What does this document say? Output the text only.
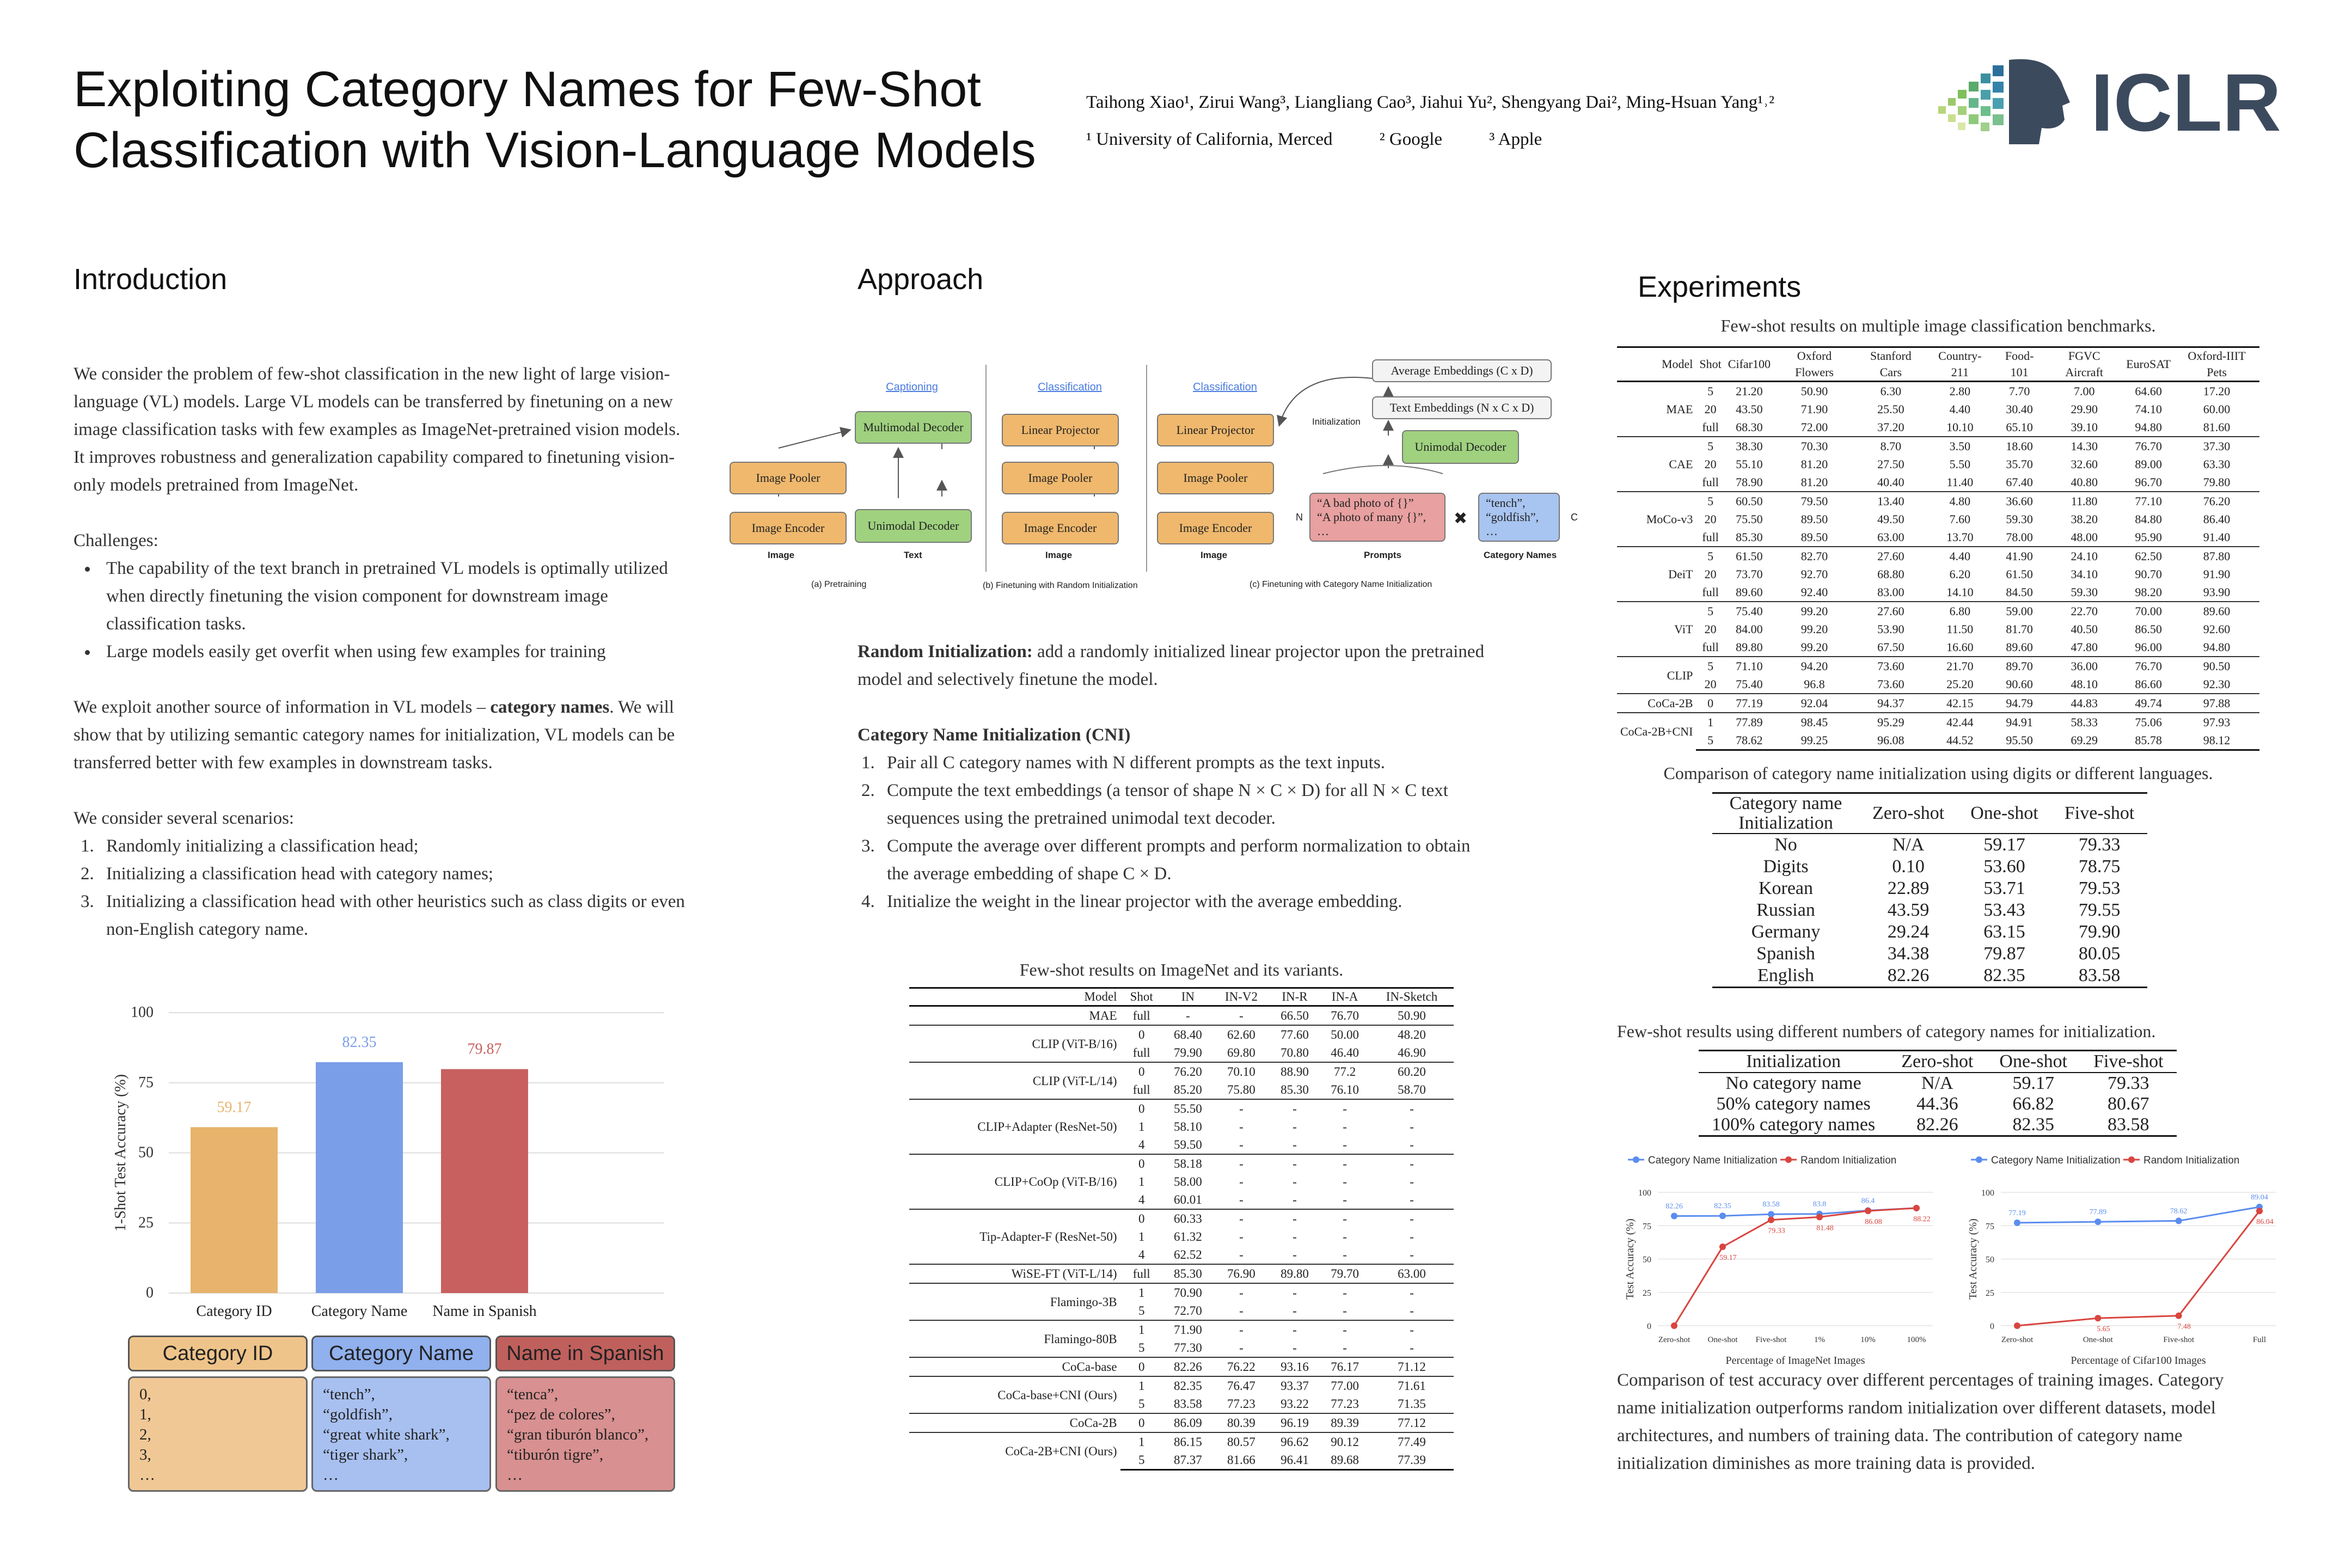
Exploiting Category Names for Few-Shot
Classification with Vision-Language Models
Taihong Xiao¹, Zirui Wang³, Liangliang Cao³, Jiahui Yu², Shengyang Dai², Ming-Hsuan Yang¹˒²
¹ University of California, Merced	² Google	³ Apple	ICLR
Introduction

We consider the problem of few-shot classification in the new light of large vision-language (VL) models. Large VL models can be transferred by finetuning on a new image classification tasks with few examples as ImageNet-pretrained vision models. It improves robustness and generalization capability compared to finetuning vision-only models pretrained from ImageNet.

Challenges:
• The capability of the text branch in pretrained VL models is optimally utilized when directly finetuning the vision component for downstream image classification tasks.
• Large models easily get overfit when using few examples for training

We exploit another source of information in VL models – category names. We will show that by utilizing semantic category names for initialization, VL models can be transferred better with few examples in downstream tasks.

We consider several scenarios:
1. Randomly initializing a classification head;
2. Initializing a classification head with category names;
3. Initializing a classification head with other heuristics such as class digits or even non-English category name.
0
25
50
75
100
1-Shot Test Accuracy (%)	59.17
Category ID
82.35
Category Name
79.87
Name in Spanish
Category ID
0,
1,
2,
3,
…
Category Name
“tench”,
“goldfish”,
“great white shark”,
“tiger shark”,
…
Name in Spanish
“tenca”,
“pez de colores”,
“gran tiburón blanco”,
“tiburón tigre”,
…
Approach
Captioning	Classification	Classification
Multimodal Decoder
Image Pooler
Image Encoder	Unimodal Decoder
Image	Text
Linear Projector
Image Pooler
Image Encoder
Image
Linear Projector
Image Pooler
Image Encoder
Image
Initialization
Average Embeddings (C x D)
Text Embeddings (N x C x D)
Unimodal Decoder
N
“A bad photo of {}”
“A photo of many {}”,
…
✖
“tench”,
“goldfish”,
…
C
Prompts	Category Names
(a) Pretraining	(b) Finetuning with Random Initialization	(c) Finetuning with Category Name Initialization

Random Initialization: add a randomly initialized linear projector upon the pretrained model and selectively finetune the model.

Category Name Initialization (CNI)
1. Pair all C category names with N different prompts as the text inputs.
2. Compute the text embeddings (a tensor of shape N × C × D) for all N × C text sequences using the pretrained unimodal text decoder.
3. Compute the average over different prompts and perform normalization to obtain the average embedding of shape C × D.
4. Initialize the weight in the linear projector with the average embedding.
Few-shot results on ImageNet and its variants.
Model	Shot	IN	IN-V2	IN-R	IN-A	IN-Sketch
MAE	full	-	-	66.50	76.70	50.90
CLIP (ViT-B/16)	0	68.40	62.60	77.60	50.00	48.20
	full	79.90	69.80	70.80	46.40	46.90
CLIP (ViT-L/14)	0	76.20	70.10	88.90	77.2	60.20
	full	85.20	75.80	85.30	76.10	58.70
CLIP+Adapter (ResNet-50)	0	55.50	-	-	-	-
	1	58.10	-	-	-	-
	4	59.50	-	-	-	-
CLIP+CoOp (ViT-B/16)	0	58.18	-	-	-	-
	1	58.00	-	-	-	-
	4	60.01	-	-	-	-
Tip-Adapter-F (ResNet-50)	0	60.33	-	-	-	-
	1	61.32	-	-	-	-
	4	62.52	-	-	-	-
WiSE-FT (ViT-L/14)	full	85.30	76.90	89.80	79.70	63.00
Flamingo-3B	1	70.90	-	-	-	-
	5	72.70	-	-	-	-
Flamingo-80B	1	71.90	-	-	-	-
	5	77.30	-	-	-	-
CoCa-base	0	82.26	76.22	93.16	76.17	71.12
CoCa-base+CNI (Ours)	1	82.35	76.47	93.37	77.00	71.61
	5	83.58	77.23	93.22	77.23	71.35
CoCa-2B	0	86.09	80.39	96.19	89.39	77.12
CoCa-2B+CNI (Ours)	1	86.15	80.57	96.62	90.12	77.49
	5	87.37	81.66	96.41	89.68	77.39
Experiments
Few-shot results on multiple image classification benchmarks.
Model	Shot	Cifar100	Oxford Flowers	Stanford Cars	Country-211	Food-101	FGVC Aircraft	EuroSAT	Oxford-IIIT Pets
MAE	5	21.20	50.90	6.30	2.80	7.70	7.00	64.60	17.20
	20	43.50	71.90	25.50	4.40	30.40	29.90	74.10	60.00
	full	68.30	72.00	37.20	10.10	65.10	39.10	94.80	81.60
CAE	5	38.30	70.30	8.70	3.50	18.60	14.30	76.70	37.30
	20	55.10	81.20	27.50	5.50	35.70	32.60	89.00	63.30
	full	78.90	81.20	40.40	11.40	67.40	40.80	96.70	79.80
MoCo-v3	5	60.50	79.50	13.40	4.80	36.60	11.80	77.10	76.20
	20	75.50	89.50	49.50	7.60	59.30	38.20	84.80	86.40
	full	85.30	89.50	63.00	13.70	78.00	48.00	95.90	91.40
DeiT	5	61.50	82.70	27.60	4.40	41.90	24.10	62.50	87.80
	20	73.70	92.70	68.80	6.20	61.50	34.10	90.70	91.90
	full	89.60	92.40	83.00	14.10	84.50	59.30	98.20	93.90
ViT	5	75.40	99.20	27.60	6.80	59.00	22.70	70.00	89.60
	20	84.00	99.20	53.90	11.50	81.70	40.50	86.50	92.60
	full	89.80	99.20	67.50	16.60	89.60	47.80	96.00	94.80
CLIP	5	71.10	94.20	73.60	21.70	89.70	36.00	76.70	90.50
	20	75.40	96.8	73.60	25.20	90.60	48.10	86.60	92.30
CoCa-2B	0	77.19	92.04	94.37	42.15	94.79	44.83	49.74	97.88
CoCa-2B+CNI	1	77.89	98.45	95.29	42.44	94.91	58.33	75.06	97.93
	5	78.62	99.25	96.08	44.52	95.50	69.29	85.78	98.12
Comparison of category name initialization using digits or different languages.
Category name Initialization	Zero-shot	One-shot	Five-shot
No	N/A	59.17	79.33
Digits	0.10	53.60	78.75
Korean	22.89	53.71	79.53
Russian	43.59	53.43	79.55
Germany	29.24	63.15	79.90
Spanish	34.38	79.87	80.05
English	82.26	82.35	83.58
Few-shot results using different numbers of category names for initialization.
Initialization	Zero-shot	One-shot	Five-shot
No category name	N/A	59.17	79.33
50% category names	44.36	66.82	80.67
100% category names	82.26	82.35	83.58
Category Name Initialization Random Initialization
0
25
50
75
100
Test Accuracy (%)
Percentage of ImageNet Images
Zero-shot One-shot Five-shot	1%	10%	100%
82.26	82.35	83.58	83.8	86.4
59.17
79.33	81.48
86.08	88.22
Category Name Initialization Random Initialization
0
25
50
75
100
Test Accuracy (%)
Percentage of Cifar100 Images
Zero-shot	One-shot	Five-shot	Full
77.19	77.89	78.62
89.04
5.65	7.48
86.04
Comparison of test accuracy over different percentages of training images. Category name initialization outperforms random initialization over different datasets, model architectures, and numbers of training data. The contribution of category name initialization diminishes as more training data is provided.
